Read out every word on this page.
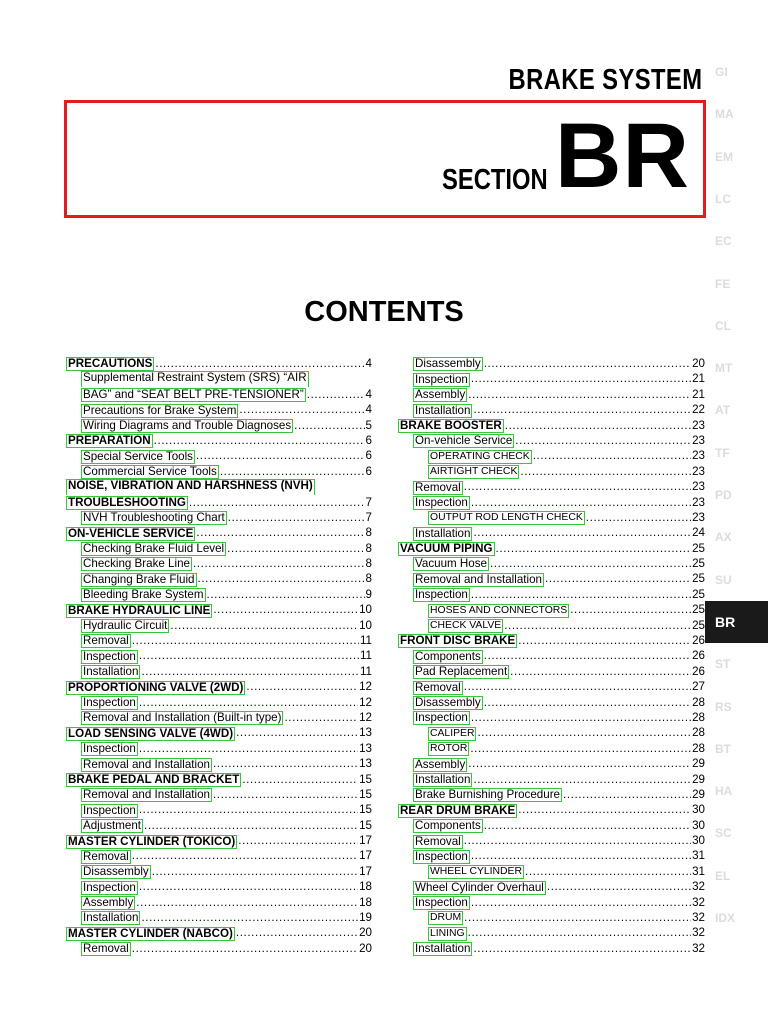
BRAKE SYSTEM
SECTION BR
CONTENTS
PRECAUTIONS .....	4
Supplemental Restraint System (SRS) “AIR
BAG” and “SEAT BELT PRE-TENSIONER” .....	4
Precautions for Brake System .....	4
Wiring Diagrams and Trouble Diagnoses .....	5
PREPARATION .....	6
Special Service Tools .....	6
Commercial Service Tools .....	6
NOISE, VIBRATION AND HARSHNESS (NVH)
TROUBLESHOOTING .....	7
NVH Troubleshooting Chart .....	7
ON-VEHICLE SERVICE .....	8
Checking Brake Fluid Level .....	8
Checking Brake Line .....	8
Changing Brake Fluid .....	8
Bleeding Brake System .....	9
BRAKE HYDRAULIC LINE .....	10
Hydraulic Circuit .....	10
Removal .....	11
Inspection .....	11
Installation .....	11
PROPORTIONING VALVE (2WD) .....	12
Inspection .....	12
Removal and Installation (Built-in type) .....	12
LOAD SENSING VALVE (4WD) .....	13
Inspection .....	13
Removal and Installation .....	13
BRAKE PEDAL AND BRACKET .....	15
Removal and Installation .....	15
Inspection .....	15
Adjustment .....	15
MASTER CYLINDER (TOKICO) .....	17
Removal .....	17
Disassembly .....	17
Inspection .....	18
Assembly .....	18
Installation .....	19
MASTER CYLINDER (NABCO) .....	20
Removal .....	20
Disassembly .....	20
Inspection .....	21
Assembly .....	21
Installation .....	22
BRAKE BOOSTER .....	23
On-vehicle Service .....	23
OPERATING CHECK .....	23
AIRTIGHT CHECK .....	23
Removal .....	23
Inspection .....	23
OUTPUT ROD LENGTH CHECK .....	23
Installation .....	24
VACUUM PIPING .....	25
Vacuum Hose .....	25
Removal and Installation .....	25
Inspection .....	25
HOSES AND CONNECTORS .....	25
CHECK VALVE .....	25
FRONT DISC BRAKE .....	26
Components .....	26
Pad Replacement .....	26
Removal .....	27
Disassembly .....	28
Inspection .....	28
CALIPER .....	28
ROTOR .....	28
Assembly .....	29
Installation .....	29
Brake Burnishing Procedure .....	29
REAR DRUM BRAKE .....	30
Components .....	30
Removal .....	30
Inspection .....	31
WHEEL CYLINDER .....	31
Wheel Cylinder Overhaul .....	32
Inspection .....	32
DRUM .....	32
LINING .....	32
Installation .....	32
GI
MA
EM
LC
EC
FE
CL
MT
AT
TF
PD
AX
SU
BR
ST
RS
BT
HA
SC
EL
IDX
